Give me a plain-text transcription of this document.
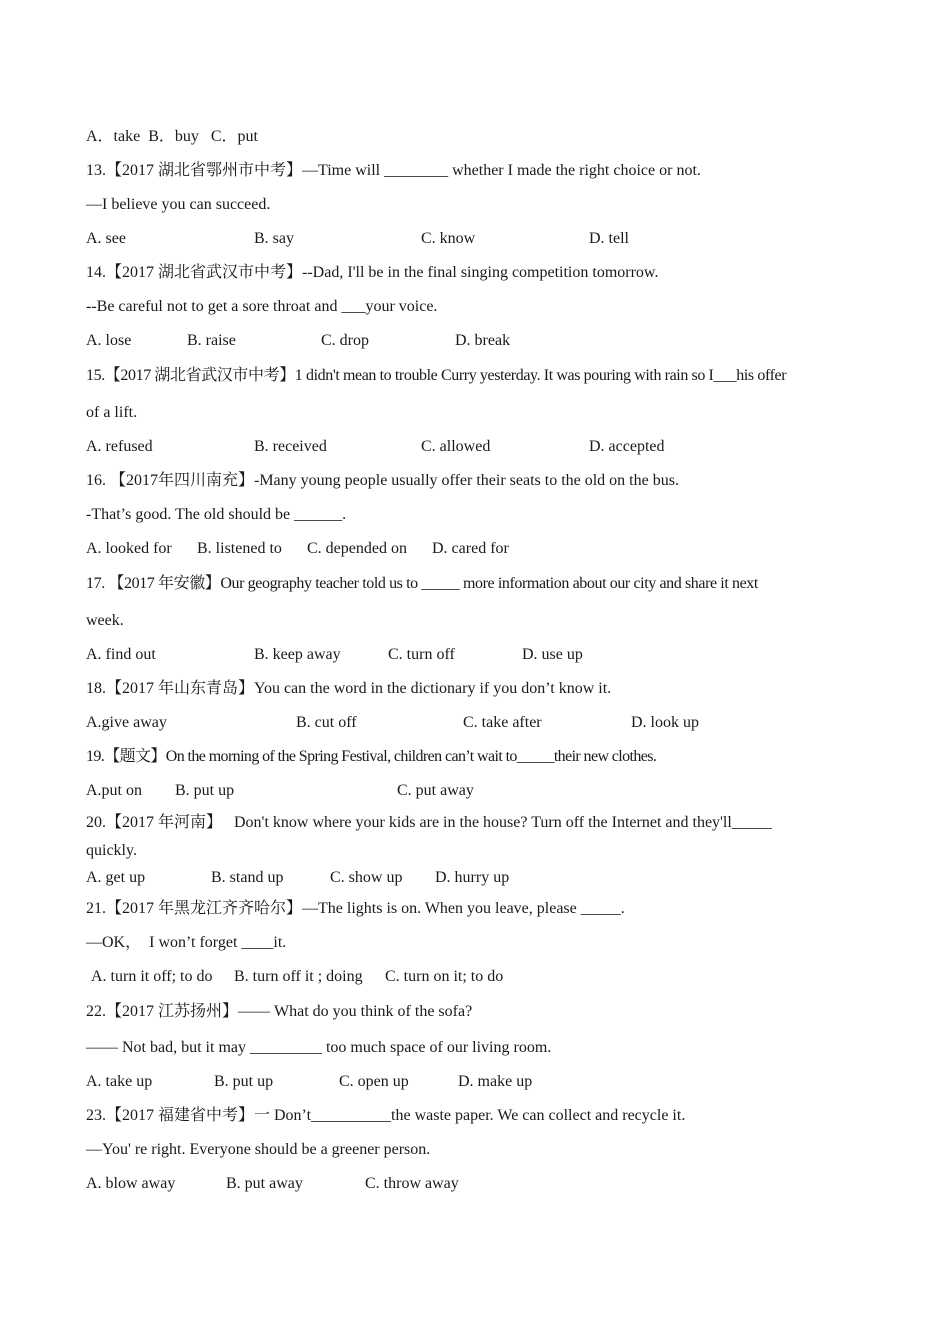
A．take  B．buy   C．put
13.【2017 湖北省鄂州市中考】—Time will ________ whether I made the right choice or not.
—I believe you can succeed.
A. see	B. say	C. know	D. tell
14.【2017 湖北省武汉市中考】--Dad, I'll be in the final singing competition tomorrow.
--Be careful not to get a sore throat and ___your voice.
A. lose	B. raise	C. drop	D. break
15.【2017 湖北省武汉市中考】1 didn't mean to trouble Curry yesterday. It was pouring with rain so I___his offer
of a lift.
A. refused	B. received	C. allowed	D. accepted
16. 【2017年四川南充】-Many young people usually offer their seats to the old on the bus.
-That’s good. The old should be ______.
A. looked for B. listened to C. depended on D. cared for
17. 【2017 年安徽】Our geography teacher told us to _____ more information about our city and share it next
week.
A. find out	B. keep away	C. turn off	D. use up
18.【2017 年山东青岛】You can the word in the dictionary if you don’t know it.
A.give away	B. cut off	C. take after	D. look up
19.【题文】On the morning of the Spring Festival, children can’t wait to_____their new clothes.
A.put on B. put up	C. put away
20.【2017 年河南】   Don't know where your kids are in the house? Turn off the Internet and they'll_____
quickly.
A. get up	B. stand up	C. show up D. hurry up
21.【2017 年黑龙江齐齐哈尔】—The lights is on. When you leave, please _____.
—OK，  I won’t forget ____it.
A. turn it off; to do B. turn off it ; doing C. turn on it; to do
22.【2017 江苏扬州】—— What do you think of the sofa?
—— Not bad, but it may _________ too much space of our living room.
A. take up	B. put up	C. open up	D. make up
23.【2017 福建省中考】一 Don’t__________the waste paper. We can collect and recycle it.
—You' re right. Everyone should be a greener person.
A. blow away	B. put away	C. throw away
